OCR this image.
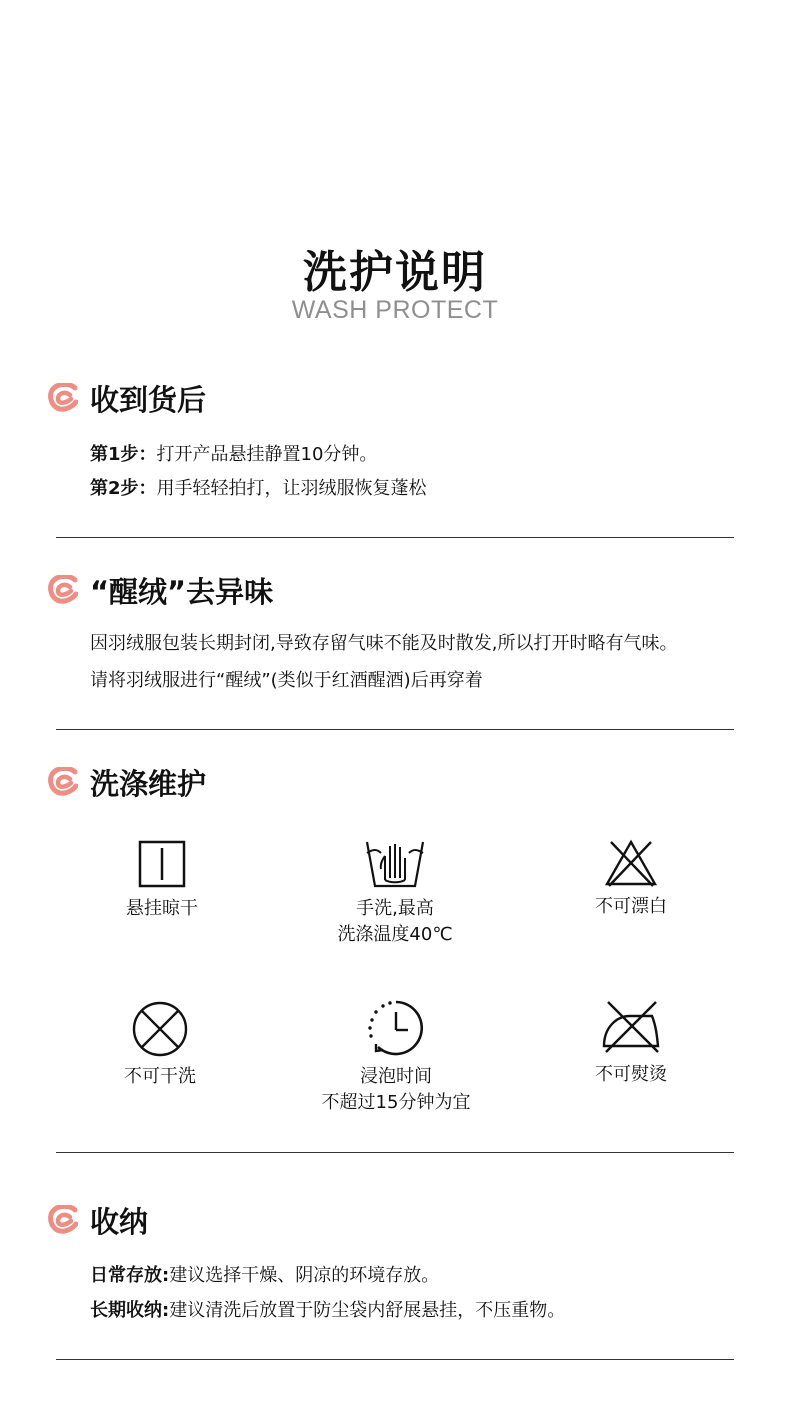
洗护说明
WASH PROTECT
收到货后
第1步：打开产品悬挂静置10分钟。
第2步：用手轻轻拍打，让羽绒服恢复蓬松
“醒绒”去异味
因羽绒服包装长期封闭,导致存留气味不能及时散发,所以打开时略有气味。
请将羽绒服进行“醒绒”(类似于红酒醒酒)后再穿着
洗涤维护
悬挂晾干	手洗,最高
洗涤温度40℃
不可漂白
不可干洗	浸泡时间
不超过15分钟为宜
不可熨烫
收纳
日常存放:建议选择干燥、阴凉的环境存放。
长期收纳:建议清洗后放置于防尘袋内舒展悬挂，不压重物。
